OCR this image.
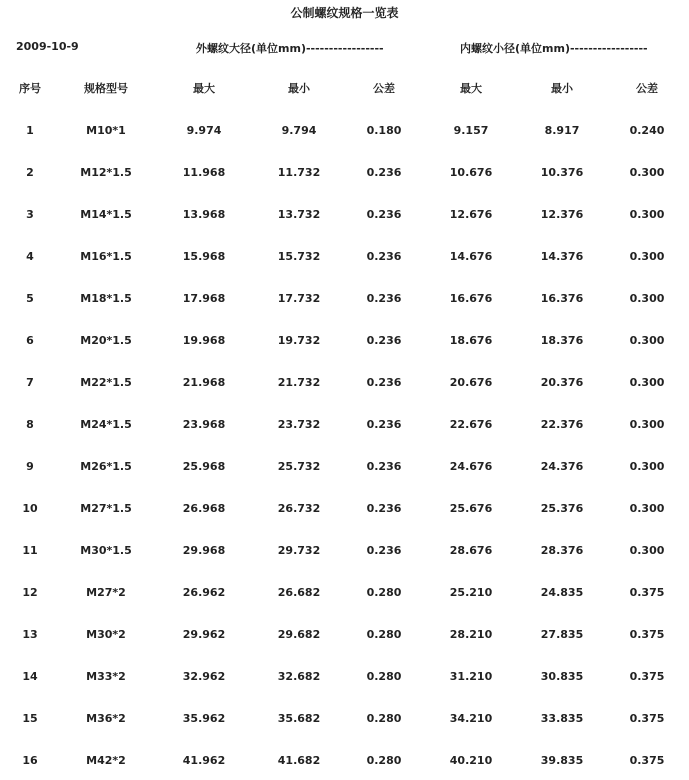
公制螺纹规格一览表
2009-10-9	外螺纹大径(单位mm)-----------------	内螺纹小径(单位mm)-----------------
序号	规格型号	最大	最小	公差	最大	最小	公差
1	M10*1	9.974	9.794	0.180	9.157	8.917	0.240
2	M12*1.5	11.968	11.732	0.236	10.676	10.376	0.300
3	M14*1.5	13.968	13.732	0.236	12.676	12.376	0.300
4	M16*1.5	15.968	15.732	0.236	14.676	14.376	0.300
5	M18*1.5	17.968	17.732	0.236	16.676	16.376	0.300
6	M20*1.5	19.968	19.732	0.236	18.676	18.376	0.300
7	M22*1.5	21.968	21.732	0.236	20.676	20.376	0.300
8	M24*1.5	23.968	23.732	0.236	22.676	22.376	0.300
9	M26*1.5	25.968	25.732	0.236	24.676	24.376	0.300
10	M27*1.5	26.968	26.732	0.236	25.676	25.376	0.300
11	M30*1.5	29.968	29.732	0.236	28.676	28.376	0.300
12	M27*2	26.962	26.682	0.280	25.210	24.835	0.375
13	M30*2	29.962	29.682	0.280	28.210	27.835	0.375
14	M33*2	32.962	32.682	0.280	31.210	30.835	0.375
15	M36*2	35.962	35.682	0.280	34.210	33.835	0.375
16	M42*2	41.962	41.682	0.280	40.210	39.835	0.375
